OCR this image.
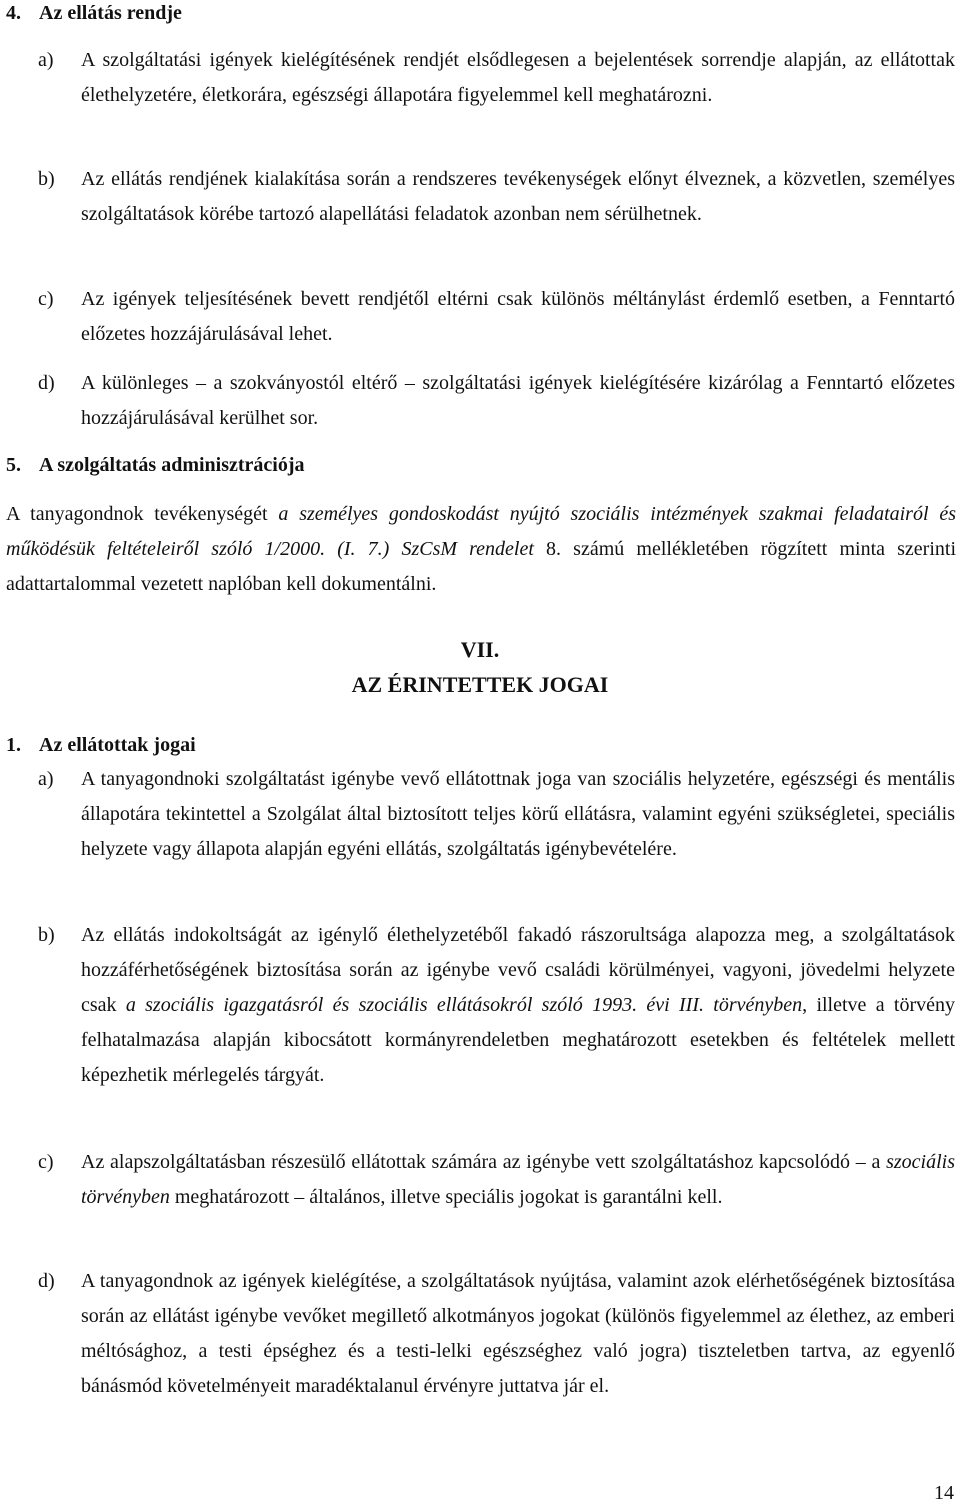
4. Az ellátás rendje
a) A szolgáltatási igények kielégítésének rendjét elsődlegesen a bejelentések sorrendje alapján, az ellátottak élethelyzetére, életkorára, egészségi állapotára figyelemmel kell meghatározni.
b) Az ellátás rendjének kialakítása során a rendszeres tevékenységek előnyt élveznek, a közvetlen, személyes szolgáltatások körébe tartozó alapellátási feladatok azonban nem sérülhetnek.
c) Az igények teljesítésének bevett rendjétől eltérni csak különös méltánylást érdemlő esetben, a Fenntartó előzetes hozzájárulásával lehet.
d) A különleges – a szokványostól eltérő – szolgáltatási igények kielégítésére kizárólag a Fenntartó előzetes hozzájárulásával kerülhet sor.
5. A szolgáltatás adminisztrációja
A tanyagondnok tevékenységét a személyes gondoskodást nyújtó szociális intézmények szakmai feladatairól és működésük feltételeiről szóló 1/2000. (I. 7.) SzCsM rendelet 8. számú mellékletében rögzített minta szerinti adattartalommal vezetett naplóban kell dokumentálni.
VII.
AZ ÉRINTETTEK JOGAI
1. Az ellátottak jogai
a) A tanyagondnoki szolgáltatást igénybe vevő ellátottnak joga van szociális helyzetére, egészségi és mentális állapotára tekintettel a Szolgálat által biztosított teljes körű ellátásra, valamint egyéni szükségletei, speciális helyzete vagy állapota alapján egyéni ellátás, szolgáltatás igénybevételére.
b) Az ellátás indokoltságát az igénylő élethelyzetéből fakadó rászorultsága alapozza meg, a szolgáltatások hozzáférhetőségének biztosítása során az igénybe vevő családi körülményei, vagyoni, jövedelmi helyzete csak a szociális igazgatásról és szociális ellátásokról szóló 1993. évi III. törvényben, illetve a törvény felhatalmazása alapján kibocsátott kormányrendeletben meghatározott esetekben és feltételek mellett képezhetik mérlegelés tárgyát.
c) Az alapszolgáltatásban részesülő ellátottak számára az igénybe vett szolgáltatáshoz kapcsolódó – a szociális törvényben meghatározott – általános, illetve speciális jogokat is garantálni kell.
d) A tanyagondnok az igények kielégítése, a szolgáltatások nyújtása, valamint azok elérhetőségének biztosítása során az ellátást igénybe vevőket megillető alkotmányos jogokat (különös figyelemmel az élethez, az emberi méltósághoz, a testi épséghez és a testi-lelki egészséghez való jogra) tiszteletben tartva, az egyenlő bánásmód követelményeit maradéktalanul érvényre juttatva jár el.
14
